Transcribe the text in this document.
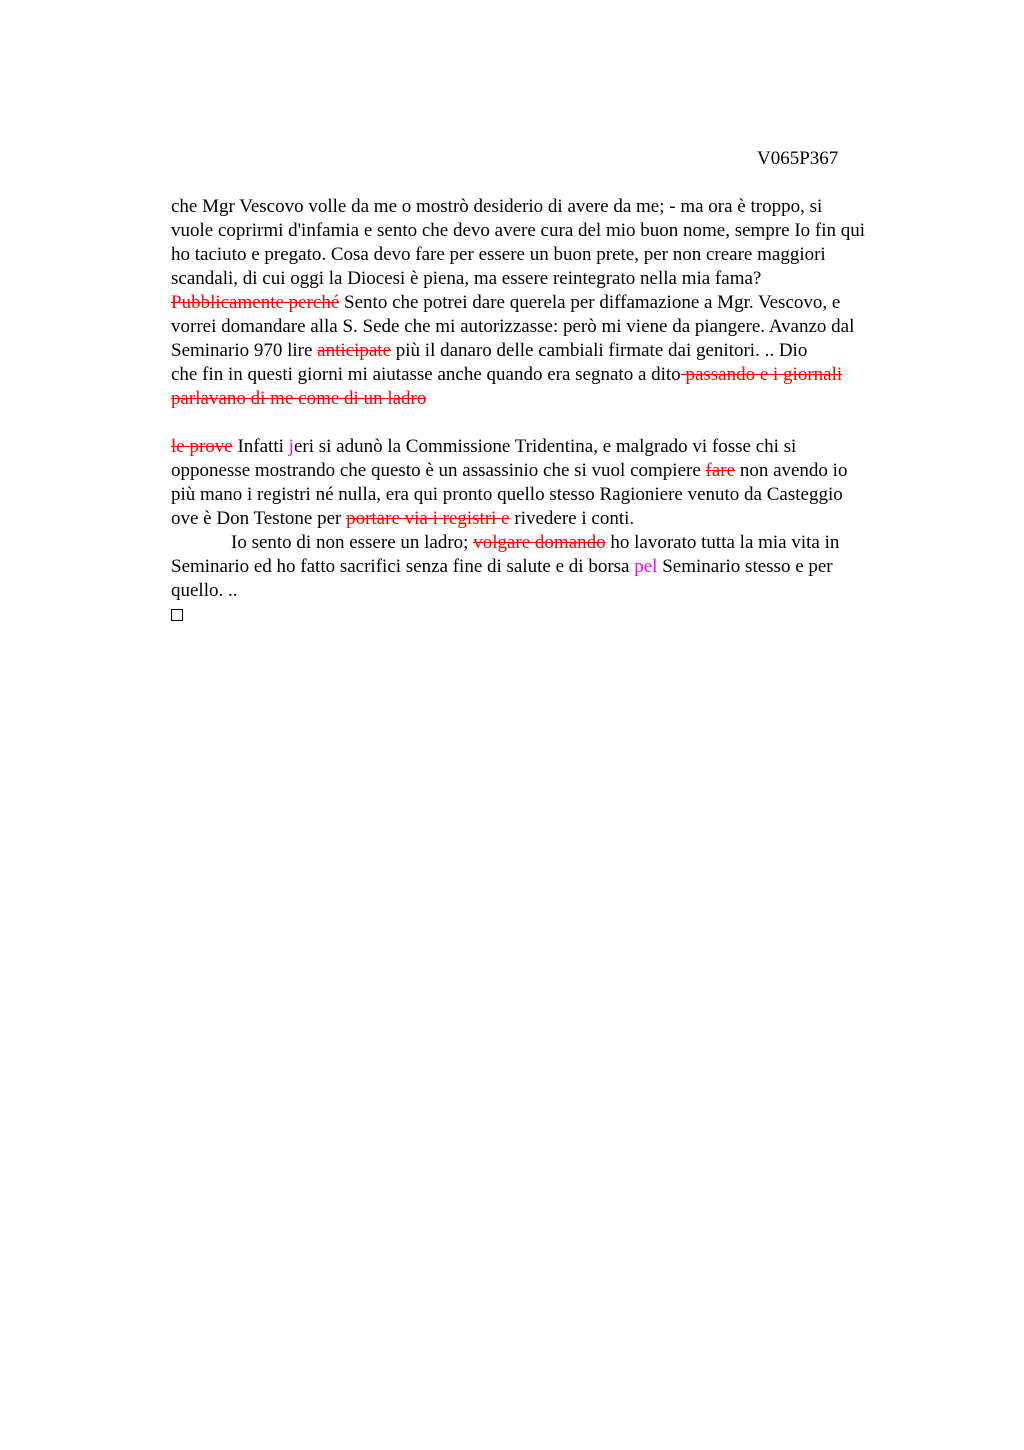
V065P367
che Mgr Vescovo volle da me o mostrò desiderio di avere da me; - ma ora è troppo, si
vuole coprirmi d'infamia e sento che devo avere cura del mio buon nome, sempre Io fin qui
ho taciuto e pregato. Cosa devo fare per essere un buon prete, per non creare maggiori
scandali, di cui oggi la Diocesi è piena, ma essere reintegrato nella mia fama?
Pubblicamente perché Sento che potrei dare querela per diffamazione a Mgr. Vescovo, e
vorrei domandare alla S. Sede che mi autorizzasse: però mi viene da piangere. Avanzo dal
Seminario 970 lire anticipate più il danaro delle cambiali firmate dai genitori. .. Dio
che fin in questi giorni mi aiutasse anche quando era segnato a dito passando e i giornali
parlavano di me come di un ladro
le prove Infatti jeri si adunò la Commissione Tridentina, e malgrado vi fosse chi si
opponesse mostrando che questo è un assassinio che si vuol compiere fare non avendo io
più mano i registri né nulla, era qui pronto quello stesso Ragioniere venuto da Casteggio
ove è Don Testone per portare via i registri e rivedere i conti.
Io sento di non essere un ladro; volgare domando ho lavorato tutta la mia vita in
Seminario ed ho fatto sacrifici senza fine di salute e di borsa pel Seminario stesso e per
quello. ..
